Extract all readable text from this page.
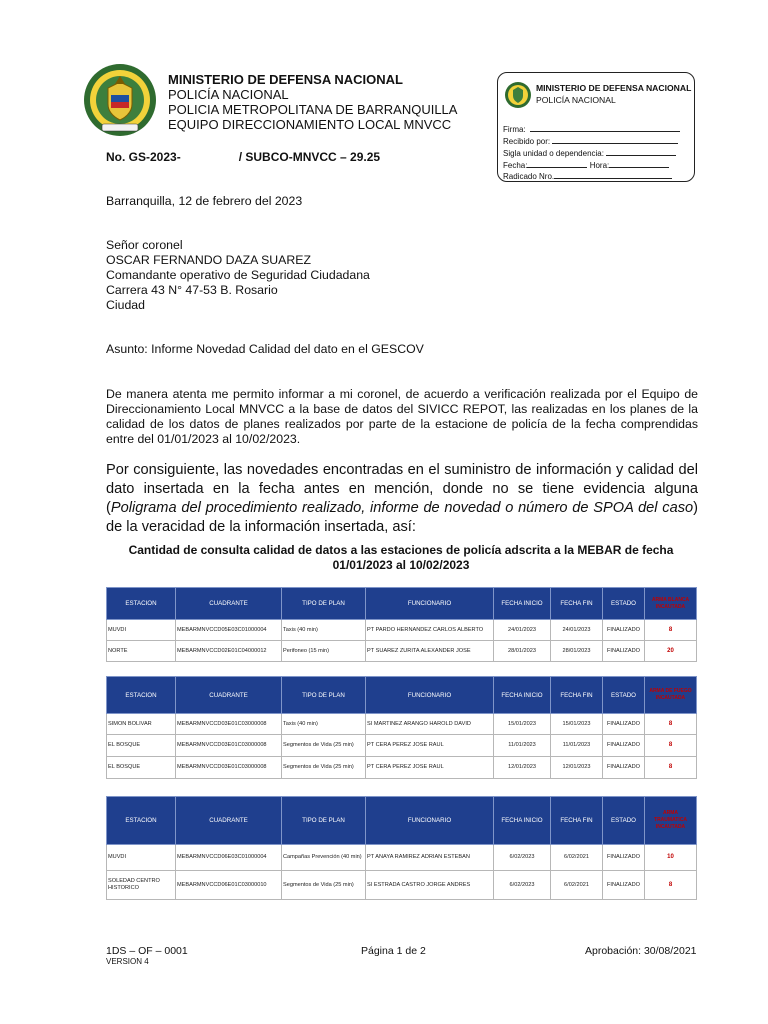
MINISTERIO DE DEFENSA NACIONAL
POLICÍA NACIONAL
POLICIA METROPOLITANA DE BARRANQUILLA
EQUIPO DIRECCIONAMIENTO LOCAL MNVCC
No. GS-2023-	/ SUBCO-MNVCC – 29.25
MINISTERIO DE DEFENSA NACIONAL
POLICÍA NACIONAL
Firma:
Recibido por:
Sigla unidad o dependencia:
Fecha:	Hora:
Radicado Nro.
Barranquilla, 12 de febrero del 2023
Señor coronel
OSCAR FERNANDO DAZA SUAREZ
Comandante operativo de Seguridad Ciudadana
Carrera 43 N° 47-53 B. Rosario
Ciudad
Asunto: Informe Novedad Calidad del dato en el GESCOV
De manera atenta me permito informar a mi coronel, de acuerdo a verificación realizada por el Equipo de Direccionamiento Local MNVCC a la base de datos del SIVICC REPOT, las realizadas en los planes de la calidad de los datos de planes realizados por parte de la estacione de policía de la fecha comprendidas entre del 01/01/2023 al 10/02/2023.
Por consiguiente, las novedades encontradas en el suministro de información y calidad del dato insertada en la fecha antes en mención, donde no se tiene evidencia alguna (Poligrama del procedimiento realizado, informe de novedad o número de SPOA del caso) de la veracidad de la información insertada, así:
Cantidad de consulta calidad de datos a las estaciones de policía adscrita a la MEBAR de fecha 01/01/2023 al 10/02/2023
ESTACION	CUADRANTE	TIPO DE PLAN	FUNCIONARIO	FECHA INICIO	FECHA FIN	ESTADO	ARMA BLANCA INCAUTADA
MUVDI	MEBARMNVCCD05E03C01000004	Taxis (40 min)	PT PARDO HERNANDEZ CARLOS ALBERTO	24/01/2023	24/01/2023	FINALIZADO	8
NORTE	MEBARMNVCCD02E01C04000012	Perifoneo (15 min)	PT SUAREZ ZURITA ALEXANDER JOSE	28/01/2023	28/01/2023	FINALIZADO	20
ESTACION	CUADRANTE	TIPO DE PLAN	FUNCIONARIO	FECHA INICIO	FECHA FIN	ESTADO	ARMA DE FUEGO INCAUTADA
SIMON BOLIVAR	MEBARMNVCCD03E01C03000008	Taxis (40 min)	SI MARTINEZ ARANGO HAROLD DAVID	15/01/2023	15/01/2023	FINALIZADO	8
EL BOSQUE	MEBARMNVCCD03E01C03000008	Segmentos de Vida (25 min)	PT CERA PEREZ JOSE RAUL	11/01/2023	11/01/2023	FINALIZADO	8
EL BOSQUE	MEBARMNVCCD03E01C03000008	Segmentos de Vida (25 min)	PT CERA PEREZ JOSE RAUL	12/01/2023	12/01/2023	FINALIZADO	8
ESTACION	CUADRANTE	TIPO DE PLAN	FUNCIONARIO	FECHA INICIO	FECHA FIN	ESTADO	ARMA TRAUMATICA INCAUTADA
MUVDI	MEBARMNVCCD06E03C01000004	Campañas Prevención (40 min)	PT ANAYA RAMIREZ ADRIAN ESTEBAN	6/02/2023	6/02/2021	FINALIZADO	10
SOLEDAD CENTRO HISTORICO	MEBARMNVCCD06E01C03000010	Segmentos de Vida (25 min)	SI ESTRADA CASTRO JORGE ANDRES	6/02/2023	6/02/2021	FINALIZADO	8
1DS – OF – 0001
VERSION 4
Página 1 de 2	Aprobación: 30/08/2021
